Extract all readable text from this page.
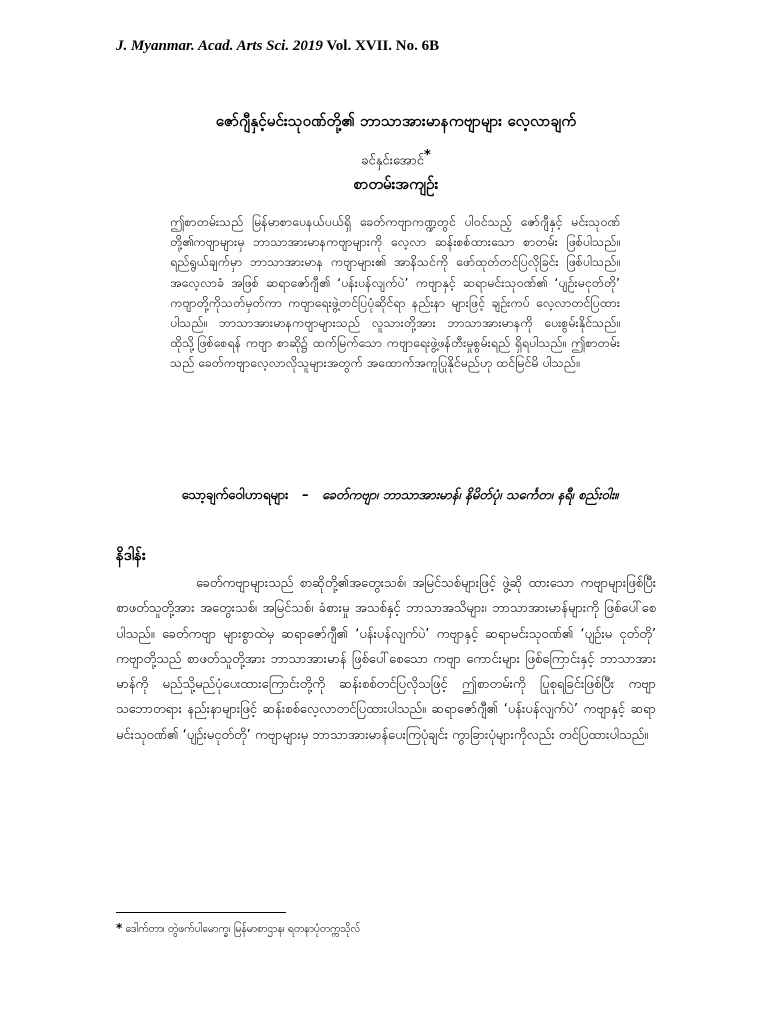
J. Myanmar. Acad. Arts Sci. 2019 Vol. XVII. No. 6B
ဇော်ဂျီနှင့်မင်းသုဝဏ်တို့၏ ဘာသာအားမာနကဗျာများ လေ့လာချက်
ခင်နှင်းအောင်*
စာတမ်းအကျဉ်း

ဤစာတမ်းသည် မြန်မာစာပေနယ်ပယ်ရှိ ခေတ်ကဗျာကဏ္ဍတွင် ပါဝင်သည့် ဇော်ဂျီနှင့် မင်းသုဝဏ်တို့၏ကဗျာများမှ ဘာသာအားမာနကဗျာများကို လေ့လာ ဆန်းစစ်ထားသော စာတမ်း ဖြစ်ပါသည်။ ရည်ရွယ်ချက်မှာ ဘာသာအားမာန ကဗျာများ၏ အာနိသင်ကို ဖော်ထုတ်တင်ပြလိုခြင်း ဖြစ်ပါသည်။ အလေ့လာခံ အဖြစ် ဆရာဇော်ဂျီ၏ ‘ပန်းပန်လျက်ပဲ’ ကဗျာနှင့် ဆရာမင်းသုဝဏ်၏ ‘ပျဉ်းမငုတ်တို’ ကဗျာတို့ကိုသတ်မှတ်ကာ ကဗျာရေးဖွဲ့တင်ပြပုံဆိုင်ရာ နည်းနာ များဖြင့် ချဉ်းကပ် လေ့လာတင်ပြထားပါသည်။ ဘာသာအားမာနကဗျာများသည် လူသားတို့အား ဘာသာအားမာနကို ပေးစွမ်းနိုင်သည်။ ထိုသို့ဖြစ်စေရန် ကဗျာ စာဆို၌ ထက်မြက်သော ကဗျာရေးဖွဲ့ဖန်တီးမှုစွမ်းရည် ရှိရပါသည်။ ဤစာတမ်းသည် ခေတ်ကဗျာလေ့လာလိုသူများအတွက် အထောက်အကူပြုနိုင်မည်ဟု ထင်မြင်မိ ပါသည်။

သော့ချက်ဝေါဟာရများ – ခေတ်ကဗျာ၊ ဘာသာအားမာန်၊ နိမိတ်ပုံ၊ သင်္ကေတ၊ နရီ၊ စည်းဝါး။
နိဒါန်း

ခေတ်ကဗျာများသည် စာဆိုတို့၏အတွေးသစ်၊ အမြင်သစ်များဖြင့် ဖွဲ့ဆို ထားသော ကဗျာများဖြစ်ပြီး စာဖတ်သူတို့အား အတွေးသစ်၊ အမြင်သစ်၊ ခံစားမှု အသစ်နှင့် ဘာသာအသိများ၊ ဘာသာအားမာန်များကို ဖြစ်ပေါ်စေပါသည်။ ခေတ်ကဗျာ များစွာထဲမှ ဆရာဇော်ဂျီ၏ ‘ပန်းပန်လျက်ပဲ’ ကဗျာနှင့် ဆရာမင်းသုဝဏ်၏ ‘ပျဉ်းမ ငုတ်တို’ ကဗျာတို့သည် စာဖတ်သူတို့အား ဘာသာအားမာန် ဖြစ်ပေါ်စေသော ကဗျာ ကောင်းများ ဖြစ်ကြောင်းနှင့် ဘာသာအားမာန်ကို မည်သို့မည်ပုံပေးထားကြောင်းတို့ကို ဆန်းစစ်တင်ပြလိုသဖြင့် ဤစာတမ်းကို ပြုစုရခြင်းဖြစ်ပြီး ကဗျာသဘောတရား နည်းနာများဖြင့် ဆန်းစစ်လေ့လာတင်ပြထားပါသည်။ ဆရာဇော်ဂျီ၏ ‘ပန်းပန်လျက်ပဲ’ ကဗျာနှင့် ဆရာမင်းသုဝဏ်၏ ‘ပျဉ်းမငုတ်တို’ ကဗျာများမှ ဘာသာအားမာန်ပေးကြပုံချင်း ကွာခြားပုံများကိုလည်း တင်ပြထားပါသည်။

* ဒေါက်တာ၊ တွဲဖက်ပါမောက္ခ၊ မြန်မာစာဌာန၊ ရတနာပုံတက္ကသိုလ်
